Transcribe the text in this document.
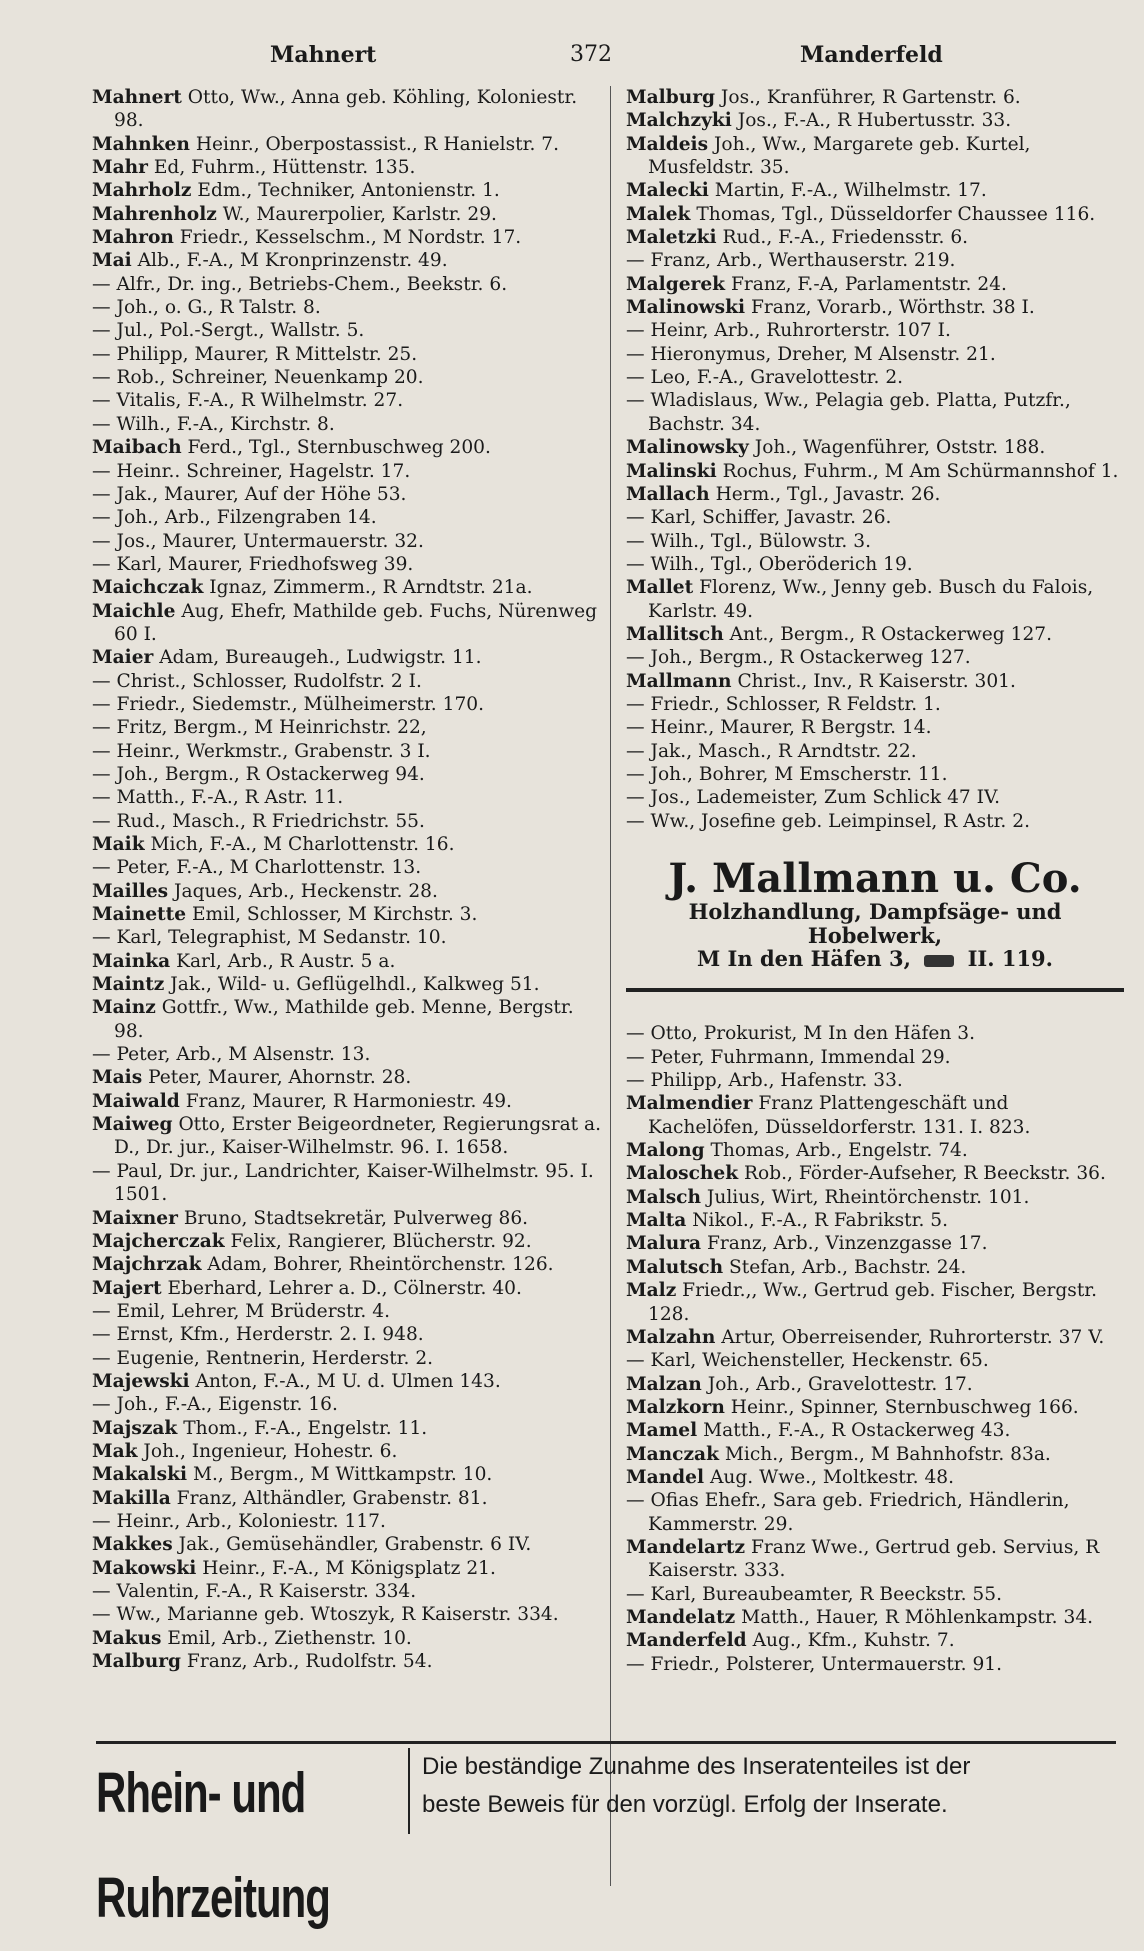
Mahnert	372	Manderfeld
Mahnert Otto, Ww., Anna geb. Köhling, Koloniestr. 98.
Mahnken Heinr., Oberpostassist., R Hanielstr. 7.
Mahr Ed, Fuhrm., Hüttenstr. 135.
Mahrholz Edm., Techniker, Antonienstr. 1.
Mahrenholz W., Maurerpolier, Karlstr. 29.
Mahron Friedr., Kesselschm., M Nordstr. 17.
Mai Alb., F.-A., M Kronprinzenstr. 49.
— Alfr., Dr. ing., Betriebs-Chem., Beekstr. 6.
— Joh., o. G., R Talstr. 8.
— Jul., Pol.-Sergt., Wallstr. 5.
— Philipp, Maurer, R Mittelstr. 25.
— Rob., Schreiner, Neuenkamp 20.
— Vitalis, F.-A., R Wilhelmstr. 27.
— Wilh., F.-A., Kirchstr. 8.
Maibach Ferd., Tgl., Sternbuschweg 200.
— Heinr.. Schreiner, Hagelstr. 17.
— Jak., Maurer, Auf der Höhe 53.
— Joh., Arb., Filzengraben 14.
— Jos., Maurer, Untermauerstr. 32.
— Karl, Maurer, Friedhofsweg 39.
Maichczak Ignaz, Zimmerm., R Arndtstr. 21a.
Maichle Aug, Ehefr, Mathilde geb. Fuchs, Nürenweg 60 I.
Maier Adam, Bureaugeh., Ludwigstr. 11.
— Christ., Schlosser, Rudolfstr. 2 I.
— Friedr., Siedemstr., Mülheimerstr. 170.
— Fritz, Bergm., M Heinrichstr. 22,
— Heinr., Werkmstr., Grabenstr. 3 I.
— Joh., Bergm., R Ostackerweg 94.
— Matth., F.-A., R Astr. 11.
— Rud., Masch., R Friedrichstr. 55.
Maik Mich, F.-A., M Charlottenstr. 16.
— Peter, F.-A., M Charlottenstr. 13.
Mailles Jaques, Arb., Heckenstr. 28.
Mainette Emil, Schlosser, M Kirchstr. 3.
— Karl, Telegraphist, M Sedanstr. 10.
Mainka Karl, Arb., R Austr. 5 a.
Maintz Jak., Wild- u. Geflügelhdl., Kalkweg 51.
Mainz Gottfr., Ww., Mathilde geb. Menne, Bergstr. 98.
— Peter, Arb., M Alsenstr. 13.
Mais Peter, Maurer, Ahornstr. 28.
Maiwald Franz, Maurer, R Harmoniestr. 49.
Maiweg Otto, Erster Beigeordneter, Regierungsrat a. D., Dr. jur., Kaiser-Wilhelmstr. 96. I. 1658.
— Paul, Dr. jur., Landrichter, Kaiser-Wilhelmstr. 95. I. 1501.
Maixner Bruno, Stadtsekretär, Pulverweg 86.
Majcherczak Felix, Rangierer, Blücherstr. 92.
Majchrzak Adam, Bohrer, Rheintörchenstr. 126.
Majert Eberhard, Lehrer a. D., Cölnerstr. 40.
— Emil, Lehrer, M Brüderstr. 4.
— Ernst, Kfm., Herderstr. 2. I. 948.
— Eugenie, Rentnerin, Herderstr. 2.
Majewski Anton, F.-A., M U. d. Ulmen 143.
— Joh., F.-A., Eigenstr. 16.
Majszak Thom., F.-A., Engelstr. 11.
Mak Joh., Ingenieur, Hohestr. 6.
Makalski M., Bergm., M Wittkampstr. 10.
Makilla Franz, Althändler, Grabenstr. 81.
— Heinr., Arb., Koloniestr. 117.
Makkes Jak., Gemüsehändler, Grabenstr. 6 IV.
Makowski Heinr., F.-A., M Königsplatz 21.
— Valentin, F.-A., R Kaiserstr. 334.
— Ww., Marianne geb. Wtoszyk, R Kaiserstr. 334.
Makus Emil, Arb., Ziethenstr. 10.
Malburg Franz, Arb., Rudolfstr. 54.
Malburg Jos., Kranführer, R Gartenstr. 6.
Malchzyki Jos., F.-A., R Hubertusstr. 33.
Maldeis Joh., Ww., Margarete geb. Kurtel, Musfeldstr. 35.
Malecki Martin, F.-A., Wilhelmstr. 17.
Malek Thomas, Tgl., Düsseldorfer Chaussee 116.
Maletzki Rud., F.-A., Friedensstr. 6.
— Franz, Arb., Werthauserstr. 219.
Malgerek Franz, F.-A, Parlamentstr. 24.
Malinowski Franz, Vorarb., Wörthstr. 38 I.
— Heinr, Arb., Ruhrorterstr. 107 I.
— Hieronymus, Dreher, M Alsenstr. 21.
— Leo, F.-A., Gravelottestr. 2.
— Wladislaus, Ww., Pelagia geb. Platta, Putzfr., Bachstr. 34.
Malinowsky Joh., Wagenführer, Oststr. 188.
Malinski Rochus, Fuhrm., M Am Schürmannshof 1.
Mallach Herm., Tgl., Javastr. 26.
— Karl, Schiffer, Javastr. 26.
— Wilh., Tgl., Bülowstr. 3.
— Wilh., Tgl., Oberöderich 19.
Mallet Florenz, Ww., Jenny geb. Busch du Falois, Karlstr. 49.
Mallitsch Ant., Bergm., R Ostackerweg 127.
— Joh., Bergm., R Ostackerweg 127.
Mallmann Christ., Inv., R Kaiserstr. 301.
— Friedr., Schlosser, R Feldstr. 1.
— Heinr., Maurer, R Bergstr. 14.
— Jak., Masch., R Arndtstr. 22.
— Joh., Bohrer, M Emscherstr. 11.
— Jos., Lademeister, Zum Schlick 47 IV.
— Ww., Josefine geb. Leimpinsel, R Astr. 2.
J. Mallmann u. Co.
Holzhandlung, Dampfsäge- und Hobelwerk,
M In den Häfen 3,	II. 119.
— Otto, Prokurist, M In den Häfen 3.
— Peter, Fuhrmann, Immendal 29.
— Philipp, Arb., Hafenstr. 33.
Malmendier Franz Plattengeschäft und Kachelöfen, Düsseldorferstr. 131. I. 823.
Malong Thomas, Arb., Engelstr. 74.
Maloschek Rob., Förder-Aufseher, R Beeckstr. 36.
Malsch Julius, Wirt, Rheintörchenstr. 101.
Malta Nikol., F.-A., R Fabrikstr. 5.
Malura Franz, Arb., Vinzenzgasse 17.
Malutsch Stefan, Arb., Bachstr. 24.
Malz Friedr.,, Ww., Gertrud geb. Fischer, Bergstr. 128.
Malzahn Artur, Oberreisender, Ruhrorterstr. 37 V.
— Karl, Weichensteller, Heckenstr. 65.
Malzan Joh., Arb., Gravelottestr. 17.
Malzkorn Heinr., Spinner, Sternbuschweg 166.
Mamel Matth., F.-A., R Ostackerweg 43.
Manczak Mich., Bergm., M Bahnhofstr. 83a.
Mandel Aug. Wwe., Moltkestr. 48.
— Ofias Ehefr., Sara geb. Friedrich, Händlerin, Kammerstr. 29.
Mandelartz Franz Wwe., Gertrud geb. Servius, R Kaiserstr. 333.
— Karl, Bureaubeamter, R Beeckstr. 55.
Mandelatz Matth., Hauer, R Möhlenkampstr. 34.
Manderfeld Aug., Kfm., Kuhstr. 7.
— Friedr., Polsterer, Untermauerstr. 91.
Rhein- und Ruhrzeitung
Die beständige Zunahme des Inseratenteiles ist der
beste Beweis für den vorzügl. Erfolg der Inserate.
